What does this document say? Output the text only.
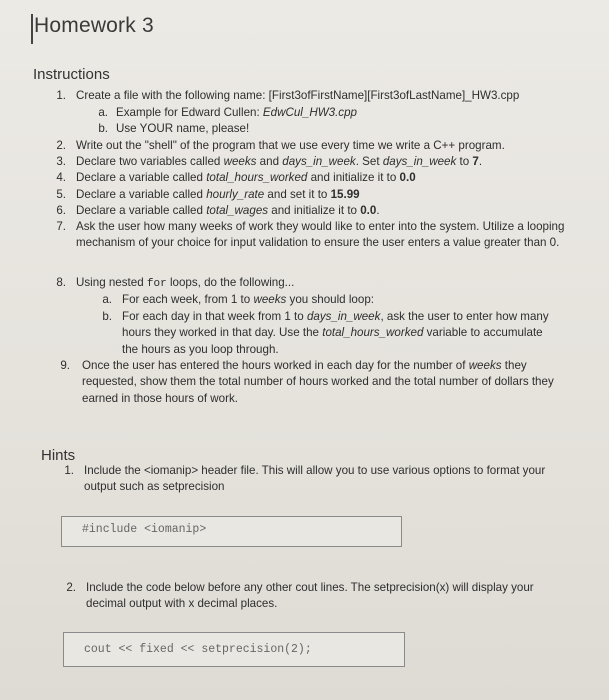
Homework 3
Instructions
1. Create a file with the following name: [First3ofFirstName][First3ofLastName]_HW3.cpp
a. Example for Edward Cullen: EdwCul_HW3.cpp
b. Use YOUR name, please!
2. Write out the "shell" of the program that we use every time we write a C++ program.
3. Declare two variables called weeks and days_in_week. Set days_in_week to 7.
4. Declare a variable called total_hours_worked and initialize it to 0.0
5. Declare a variable called hourly_rate and set it to 15.99
6. Declare a variable called total_wages and initialize it to 0.0.
7. Ask the user how many weeks of work they would like to enter into the system. Utilize a looping mechanism of your choice for input validation to ensure the user enters a value greater than 0.
8. Using nested for loops, do the following...
a. For each week, from 1 to weeks you should loop:
b. For each day in that week from 1 to days_in_week, ask the user to enter how many hours they worked in that day. Use the total_hours_worked variable to accumulate the hours as you loop through.
9. Once the user has entered the hours worked in each day for the number of weeks they requested, show them the total number of hours worked and the total number of dollars they earned in those hours of work.
Hints
1. Include the <iomanip> header file. This will allow you to use various options to format your output such as setprecision
2. Include the code below before any other cout lines. The setprecision(x) will display your decimal output with x decimal places.
#include <iomanip>
cout << fixed << setprecision(2);
